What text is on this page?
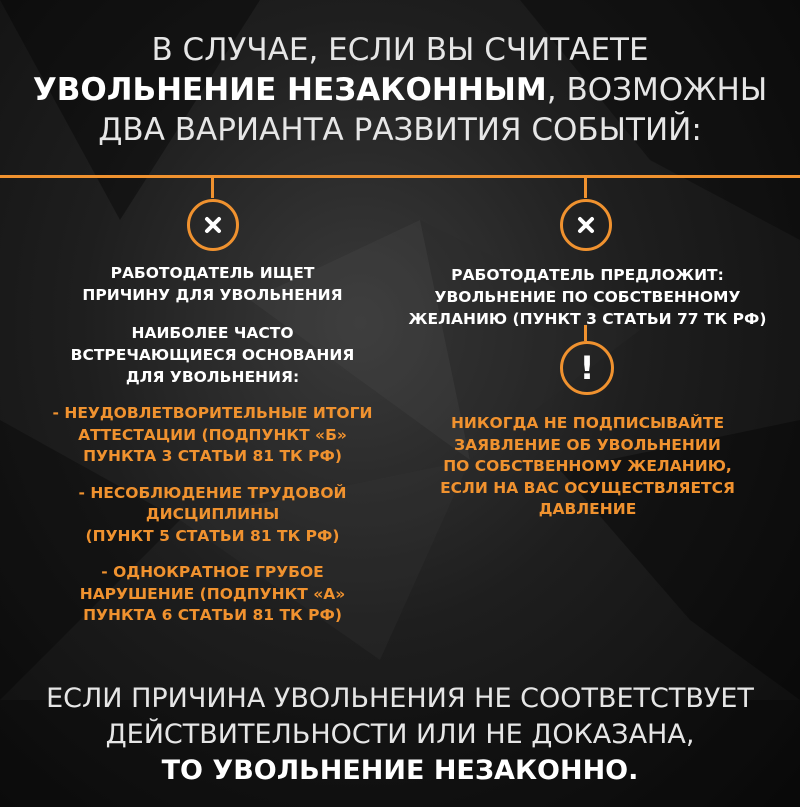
В СЛУЧАЕ, ЕСЛИ ВЫ СЧИТАЕТЕ

УВОЛЬНЕНИЕ НЕЗАКОННЫМ, ВОЗМОЖНЫ

ДВА ВАРИАНТА РАЗВИТИЯ СОБЫТИЙ:

!

РАБОТОДАТЕЛЬ ИЩЕТ

ПРИЧИНУ ДЛЯ УВОЛЬНЕНИЯ

НАИБОЛЕЕ ЧАСТО

ВСТРЕЧАЮЩИЕСЯ ОСНОВАНИЯ

ДЛЯ УВОЛЬНЕНИЯ:

- НЕУДОВЛЕТВОРИТЕЛЬНЫЕ ИТОГИ

АТТЕСТАЦИИ (ПОДПУНКТ «Б»

ПУНКТА 3 СТАТЬИ 81 ТК РФ)

- НЕСОБЛЮДЕНИЕ ТРУДОВОЙ

ДИСЦИПЛИНЫ

(ПУНКТ 5 СТАТЬИ 81 ТК РФ)

- ОДНОКРАТНОЕ ГРУБОЕ

НАРУШЕНИЕ (ПОДПУНКТ «А»

ПУНКТА 6 СТАТЬИ 81 ТК РФ)

РАБОТОДАТЕЛЬ ПРЕДЛОЖИТ:

УВОЛЬНЕНИЕ ПО СОБСТВЕННОМУ

ЖЕЛАНИЮ (ПУНКТ 3 СТАТЬИ 77 ТК РФ)

НИКОГДА НЕ ПОДПИСЫВАЙТЕ

ЗАЯВЛЕНИЕ ОБ УВОЛЬНЕНИИ

ПО СОБСТВЕННОМУ ЖЕЛАНИЮ,

ЕСЛИ НА ВАС ОСУЩЕСТВЛЯЕТСЯ

ДАВЛЕНИЕ

ЕСЛИ ПРИЧИНА УВОЛЬНЕНИЯ НЕ СООТВЕТСТВУЕТ

ДЕЙСТВИТЕЛЬНОСТИ ИЛИ НЕ ДОКАЗАНА,

ТО УВОЛЬНЕНИЕ НЕЗАКОННО.
